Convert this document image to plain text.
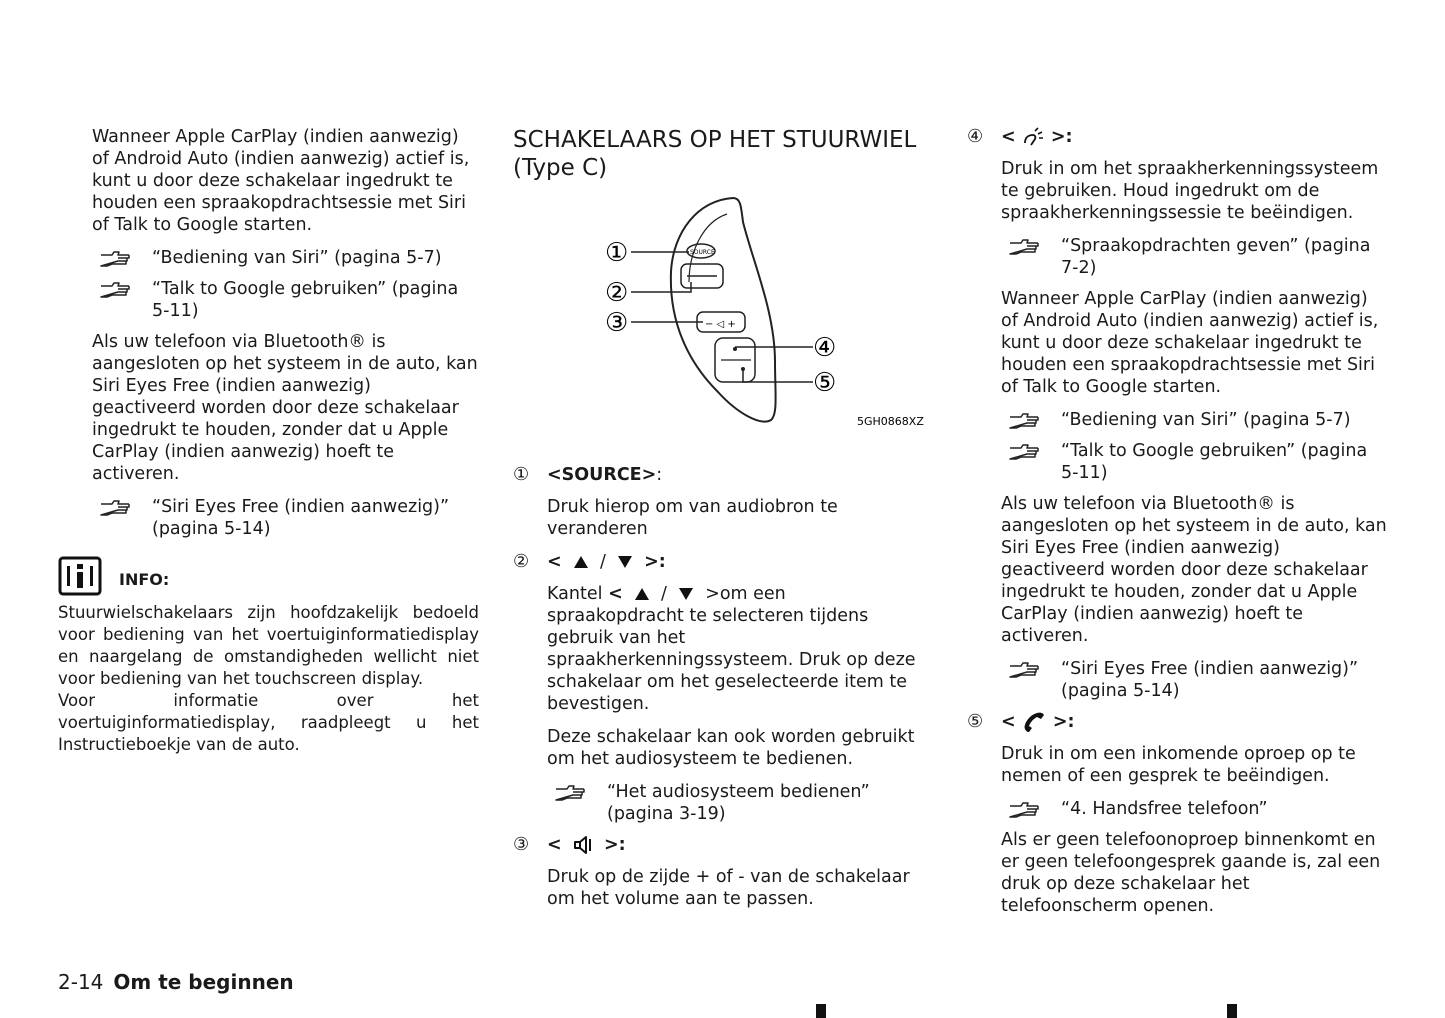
Wanneer Apple CarPlay (indien aanwezig) of Android Auto (indien aanwezig) actief is, kunt u door deze schakelaar ingedrukt te houden een spraakopdrachtsessie met Siri of Talk to Google starten.

“Bediening van Siri” (pagina 5-7)
“Talk to Google gebruiken” (pagina 5-11)

Als uw telefoon via Bluetooth® is aangesloten op het systeem in de auto, kan Siri Eyes Free (indien aanwezig) geactiveerd worden door deze schakelaar ingedrukt te houden, zonder dat u Apple CarPlay (indien aanwezig) hoeft te activeren.

“Siri Eyes Free (indien aanwezig)” (pagina 5-14)
INFO:

Stuurwielschakelaars zijn hoofdzakelijk bedoeld voor bediening van het voertuiginformatiedisplay en naargelang de omstandigheden wellicht niet voor bediening van het touchscreen display.

Voor informatie over het voertuiginformatiedisplay, raadpleegt u het Instructieboekje van de auto.

SCHAKELAARS OP HET STUURWIEL (Type C)
SOURCE
− ◁ +
①
②
③
④
⑤
5GH0868XZ
① <SOURCE>:

Druk hierop om van audiobron te veranderen

② < / >:

Kantel <    /    >om een spraakopdracht te selecteren tijdens gebruik van het spraakherkenningssysteem. Druk op deze schakelaar om het geselecteerde item te bevestigen.

Deze schakelaar kan ook worden gebruikt om het audiosysteem te bedienen.

“Het audiosysteem bedienen” (pagina 3-19)
③ < >:

Druk op de zijde + of - van de schakelaar om het volume aan te passen.

④ < >:

Druk in om het spraakherkenningssysteem te gebruiken. Houd ingedrukt om de spraakherkenningssessie te beëindigen.

“Spraakopdrachten geven” (pagina 7-2)

Wanneer Apple CarPlay (indien aanwezig) of Android Auto (indien aanwezig) actief is, kunt u door deze schakelaar ingedrukt te houden een spraakopdrachtsessie met Siri of Talk to Google starten.

“Bediening van Siri” (pagina 5-7)
“Talk to Google gebruiken” (pagina 5-11)

Als uw telefoon via Bluetooth® is aangesloten op het systeem in de auto, kan Siri Eyes Free (indien aanwezig) geactiveerd worden door deze schakelaar ingedrukt te houden, zonder dat u Apple CarPlay (indien aanwezig) hoeft te activeren.

“Siri Eyes Free (indien aanwezig)” (pagina 5-14)
⑤ < >:

Druk in om een inkomende oproep op te nemen of een gesprek te beëindigen.

“4. Handsfree telefoon”

Als er geen telefoonoproep binnenkomt en er geen telefoongesprek gaande is, zal een druk op deze schakelaar het telefoonscherm openen.

2-14 Om te beginnen
